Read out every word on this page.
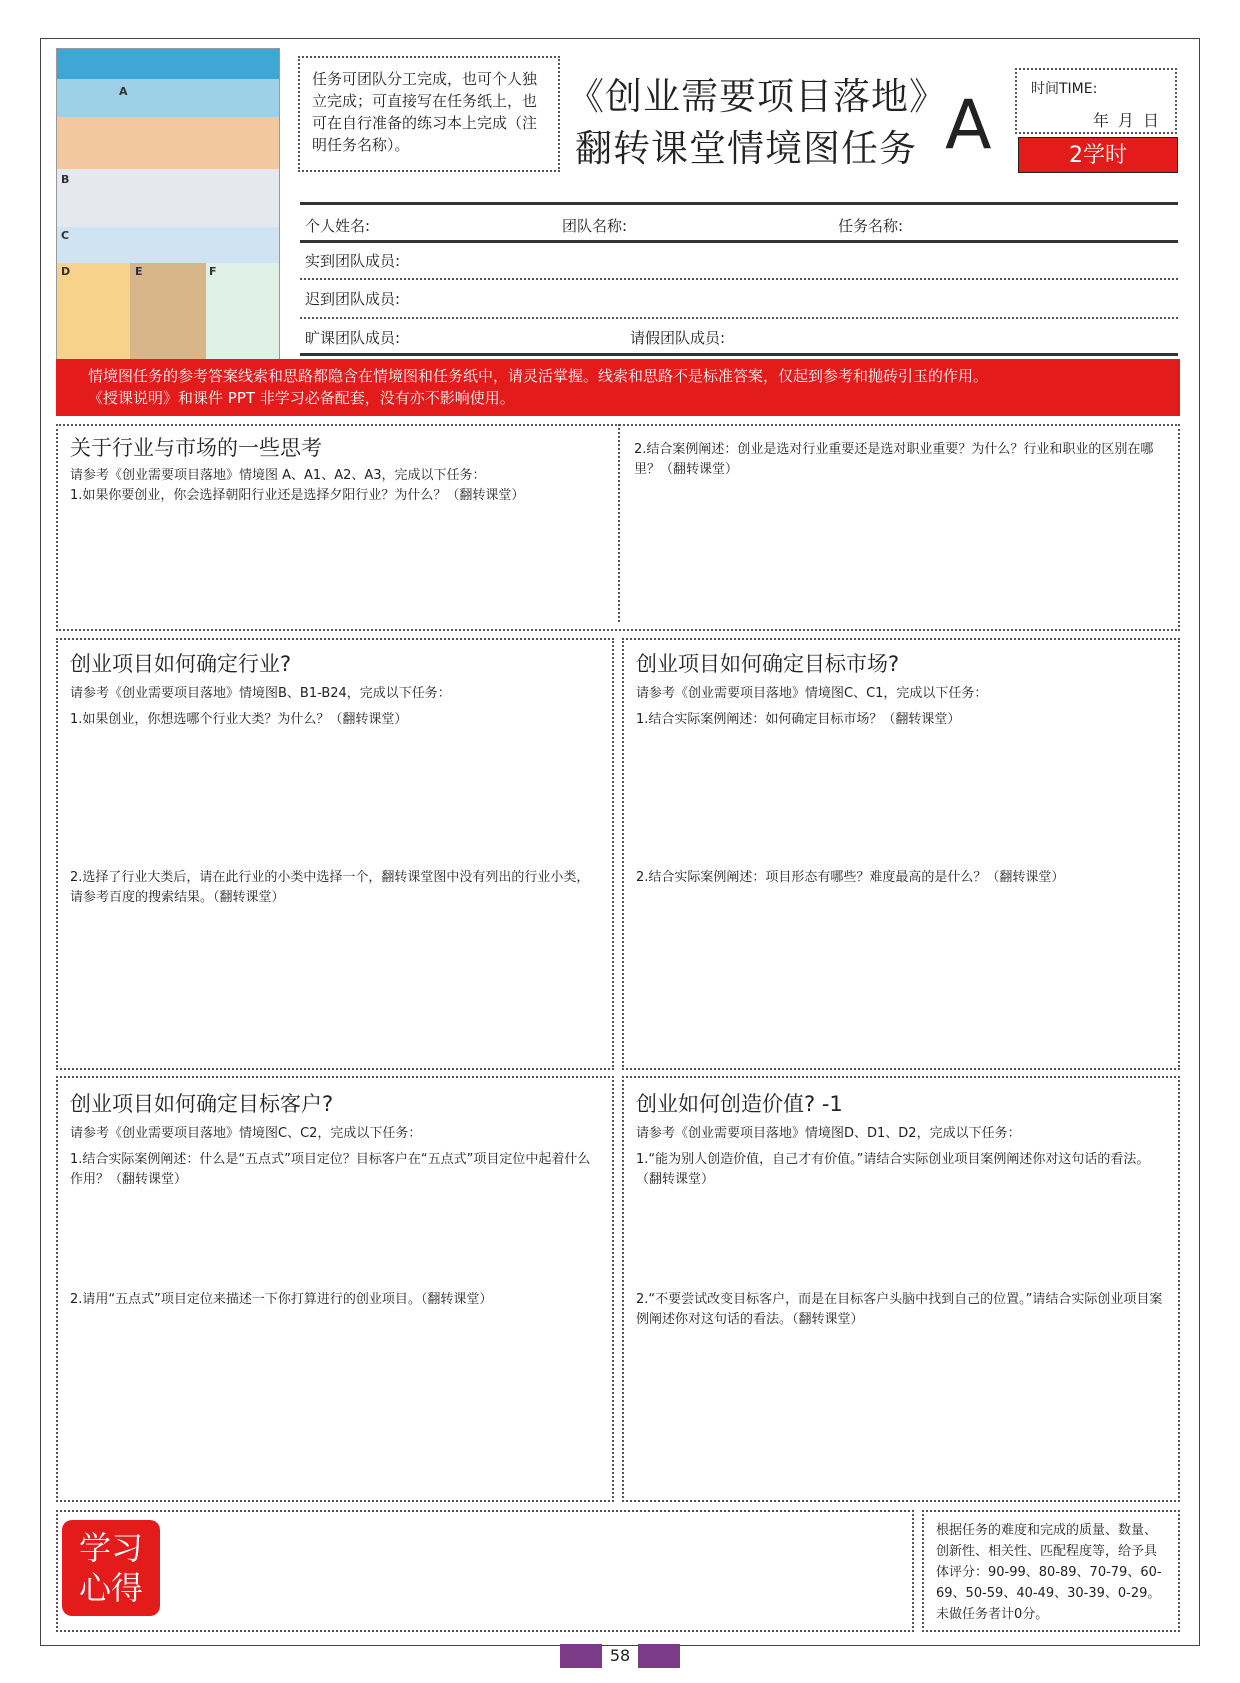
A
B
C
D	E	F
任务可团队分工完成，也可个人独立完成；可直接写在任务纸上，也可在自行准备的练习本上完成（注明任务名称）。
《创业需要项目落地》
翻转课堂情境图任务 A	时间TIME:
年 月 日
2学时
个人姓名:	团队名称:	任务名称:
实到团队成员:
迟到团队成员:
旷课团队成员:	请假团队成员:
情境图任务的参考答案线索和思路都隐含在情境图和任务纸中，请灵活掌握。线索和思路不是标准答案，仅起到参考和抛砖引玉的作用。
《授课说明》和课件 PPT 非学习必备配套，没有亦不影响使用。
关于行业与市场的一些思考
请参考《创业需要项目落地》情境图 A、A1、A2、A3，完成以下任务：
1.如果你要创业，你会选择朝阳行业还是选择夕阳行业？为什么？（翻转课堂）
2.结合案例阐述：创业是选对行业重要还是选对职业重要？为什么？行业和职业的区别在哪里？（翻转课堂）
创业项目如何确定行业?
请参考《创业需要项目落地》情境图B、B1-B24，完成以下任务：
1.如果创业，你想选哪个行业大类？为什么？（翻转课堂）
2.选择了行业大类后，请在此行业的小类中选择一个，翻转课堂图中没有列出的行业小类，请参考百度的搜索结果。（翻转课堂）
创业项目如何确定目标市场?
请参考《创业需要项目落地》情境图C、C1，完成以下任务：
1.结合实际案例阐述：如何确定目标市场？（翻转课堂）
2.结合实际案例阐述：项目形态有哪些？难度最高的是什么？（翻转课堂）
创业项目如何确定目标客户?
请参考《创业需要项目落地》情境图C、C2，完成以下任务：
1.结合实际案例阐述：什么是“五点式”项目定位？目标客户在“五点式”项目定位中起着什么作用？（翻转课堂）
2.请用“五点式”项目定位来描述一下你打算进行的创业项目。（翻转课堂）
创业如何创造价值? -1
请参考《创业需要项目落地》情境图D、D1、D2，完成以下任务：
1.“能为别人创造价值，自己才有价值。”请结合实际创业项目案例阐述你对这句话的看法。（翻转课堂）
2.“不要尝试改变目标客户，而是在目标客户头脑中找到自己的位置。”请结合实际创业项目案例阐述你对这句话的看法。（翻转课堂）
学习
心得
根据任务的难度和完成的质量、数量、创新性、相关性、匹配程度等，给予具体评分：90-99、80-89、70-79、60-69、50-59、40-49、30-39、0-29。未做任务者计0分。
58
